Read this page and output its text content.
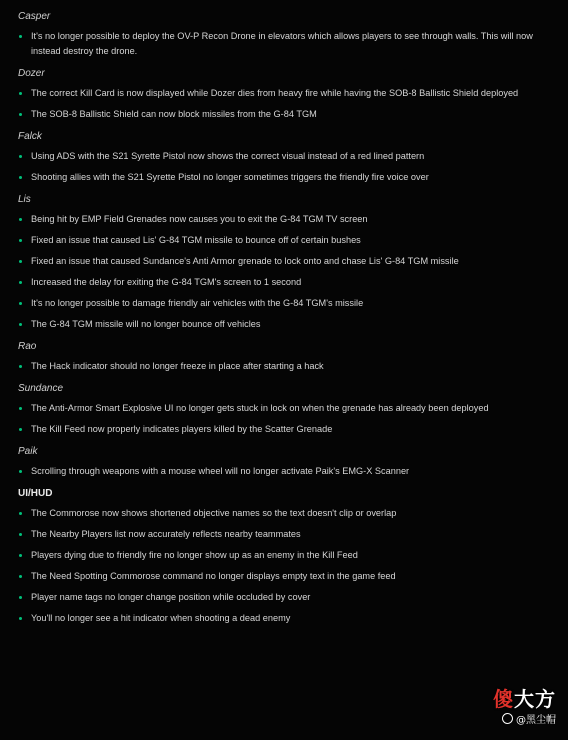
Casper
It's no longer possible to deploy the OV-P Recon Drone in elevators which allows players to see through walls. This will now instead destroy the drone.
Dozer
The correct Kill Card is now displayed while Dozer dies from heavy fire while having the SOB-8 Ballistic Shield deployed
The SOB-8 Ballistic Shield can now block missiles from the G-84 TGM
Falck
Using ADS with the S21 Syrette Pistol now shows the correct visual instead of a red lined pattern
Shooting allies with the S21 Syrette Pistol no longer sometimes triggers the friendly fire voice over
Lis
Being hit by EMP Field Grenades now causes you to exit the G-84 TGM TV screen
Fixed an issue that caused Lis' G-84 TGM missile to bounce off of certain bushes
Fixed an issue that caused Sundance's Anti Armor grenade to lock onto and chase Lis' G-84 TGM missile
Increased the delay for exiting the G-84 TGM's screen to 1 second
It's no longer possible to damage friendly air vehicles with the G-84 TGM's missile
The G-84 TGM missile will no longer bounce off vehicles
Rao
The Hack indicator should no longer freeze in place after starting a hack
Sundance
The Anti-Armor Smart Explosive UI no longer gets stuck in lock on when the grenade has already been deployed
The Kill Feed now properly indicates players killed by the Scatter Grenade
Paik
Scrolling through weapons with a mouse wheel will no longer activate Paik's EMG-X Scanner
UI/HUD
The Commorose now shows shortened objective names so the text doesn't clip or overlap
The Nearby Players list now accurately reflects nearby teammates
Players dying due to friendly fire no longer show up as an enemy in the Kill Feed
The Need Spotting Commorose command no longer displays empty text in the game feed
Player name tags no longer change position while occluded by cover
You'll no longer see a hit indicator when shooting a dead enemy
傻大方
@黑尘帽
